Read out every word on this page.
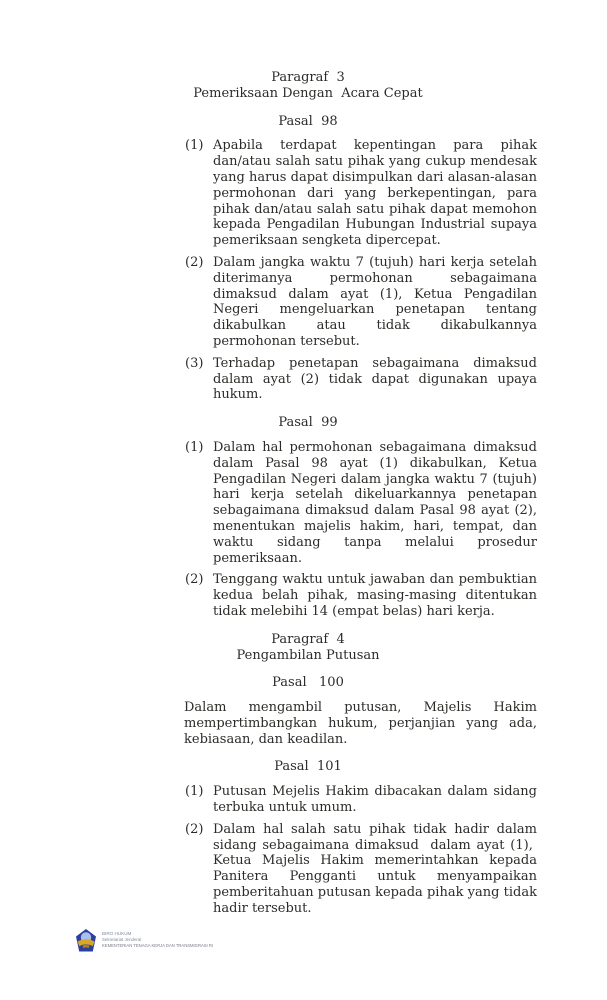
Paragraf  3
Pemeriksaan Dengan  Acara Cepat
Pasal  98
(1) Apabila terdapat kepentingan para pihak dan/atau salah satu pihak yang cukup mendesak yang harus dapat disimpulkan dari alasan-alasan permohonan dari yang berkepentingan, para pihak dan/atau salah satu pihak dapat memohon kepada Pengadilan Hubungan Industrial supaya pemeriksaan sengketa dipercepat.
(2) Dalam jangka waktu 7 (tujuh) hari kerja setelah diterimanya permohonan sebagaimana dimaksud dalam ayat (1), Ketua Pengadilan Negeri mengeluarkan penetapan tentang dikabulkan atau tidak dikabulkannya permohonan tersebut.
(3) Terhadap penetapan sebagaimana dimaksud dalam ayat (2) tidak dapat digunakan upaya hukum.
Pasal  99
(1) Dalam hal permohonan sebagaimana dimaksud dalam Pasal 98 ayat (1) dikabulkan, Ketua Pengadilan Negeri dalam jangka waktu 7 (tujuh) hari kerja setelah dikeluarkannya penetapan sebagaimana dimaksud dalam Pasal 98 ayat (2), menentukan majelis hakim, hari, tempat, dan waktu sidang tanpa melalui prosedur pemeriksaan.
(2) Tenggang waktu untuk jawaban dan pembuktian kedua belah pihak, masing-masing ditentukan tidak melebihi 14 (empat belas) hari kerja.
Paragraf  4
Pengambilan Putusan
Pasal   100
Dalam mengambil putusan, Majelis Hakim mempertimbangkan hukum, perjanjian yang ada, kebiasaan, dan keadilan.
Pasal  101
(1) Putusan Mejelis Hakim dibacakan dalam sidang terbuka untuk umum.
(2) Dalam hal salah satu pihak tidak hadir dalam sidang sebagaimana dimaksud  dalam ayat (1),  Ketua Majelis Hakim memerintahkan kepada Panitera Pengganti untuk menyampaikan pemberitahuan putusan kepada pihak yang tidak hadir tersebut.
BIRO HUKUM
Sekretariat Jenderal
KEMENTERIAN TENAGA KERJA DAN TRANSMIGRASI RI
